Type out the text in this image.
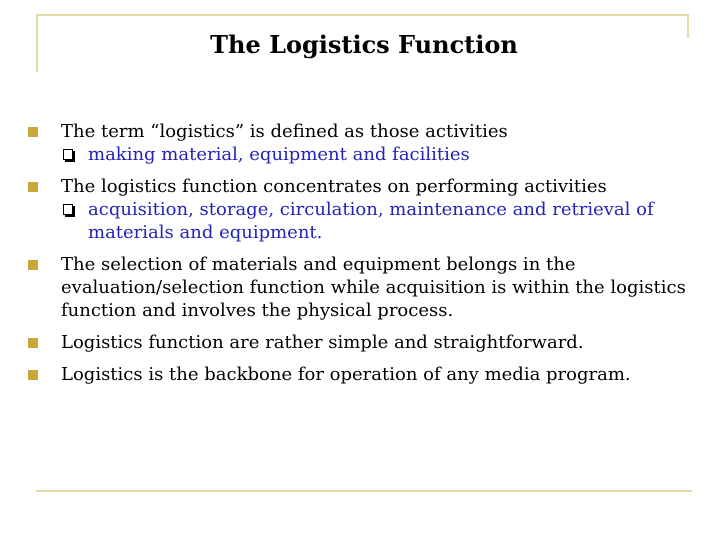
The Logistics Function
The term “logistics” is defined as those activities
making material, equipment and facilities
The logistics function concentrates on performing activities
acquisition, storage, circulation, maintenance and retrieval of materials and equipment.
The selection of materials and equipment belongs in the evaluation/selection function while acquisition is within the logistics function and involves the physical process.
Logistics function are rather simple and straightforward.
Logistics is the backbone for operation of any media program.
